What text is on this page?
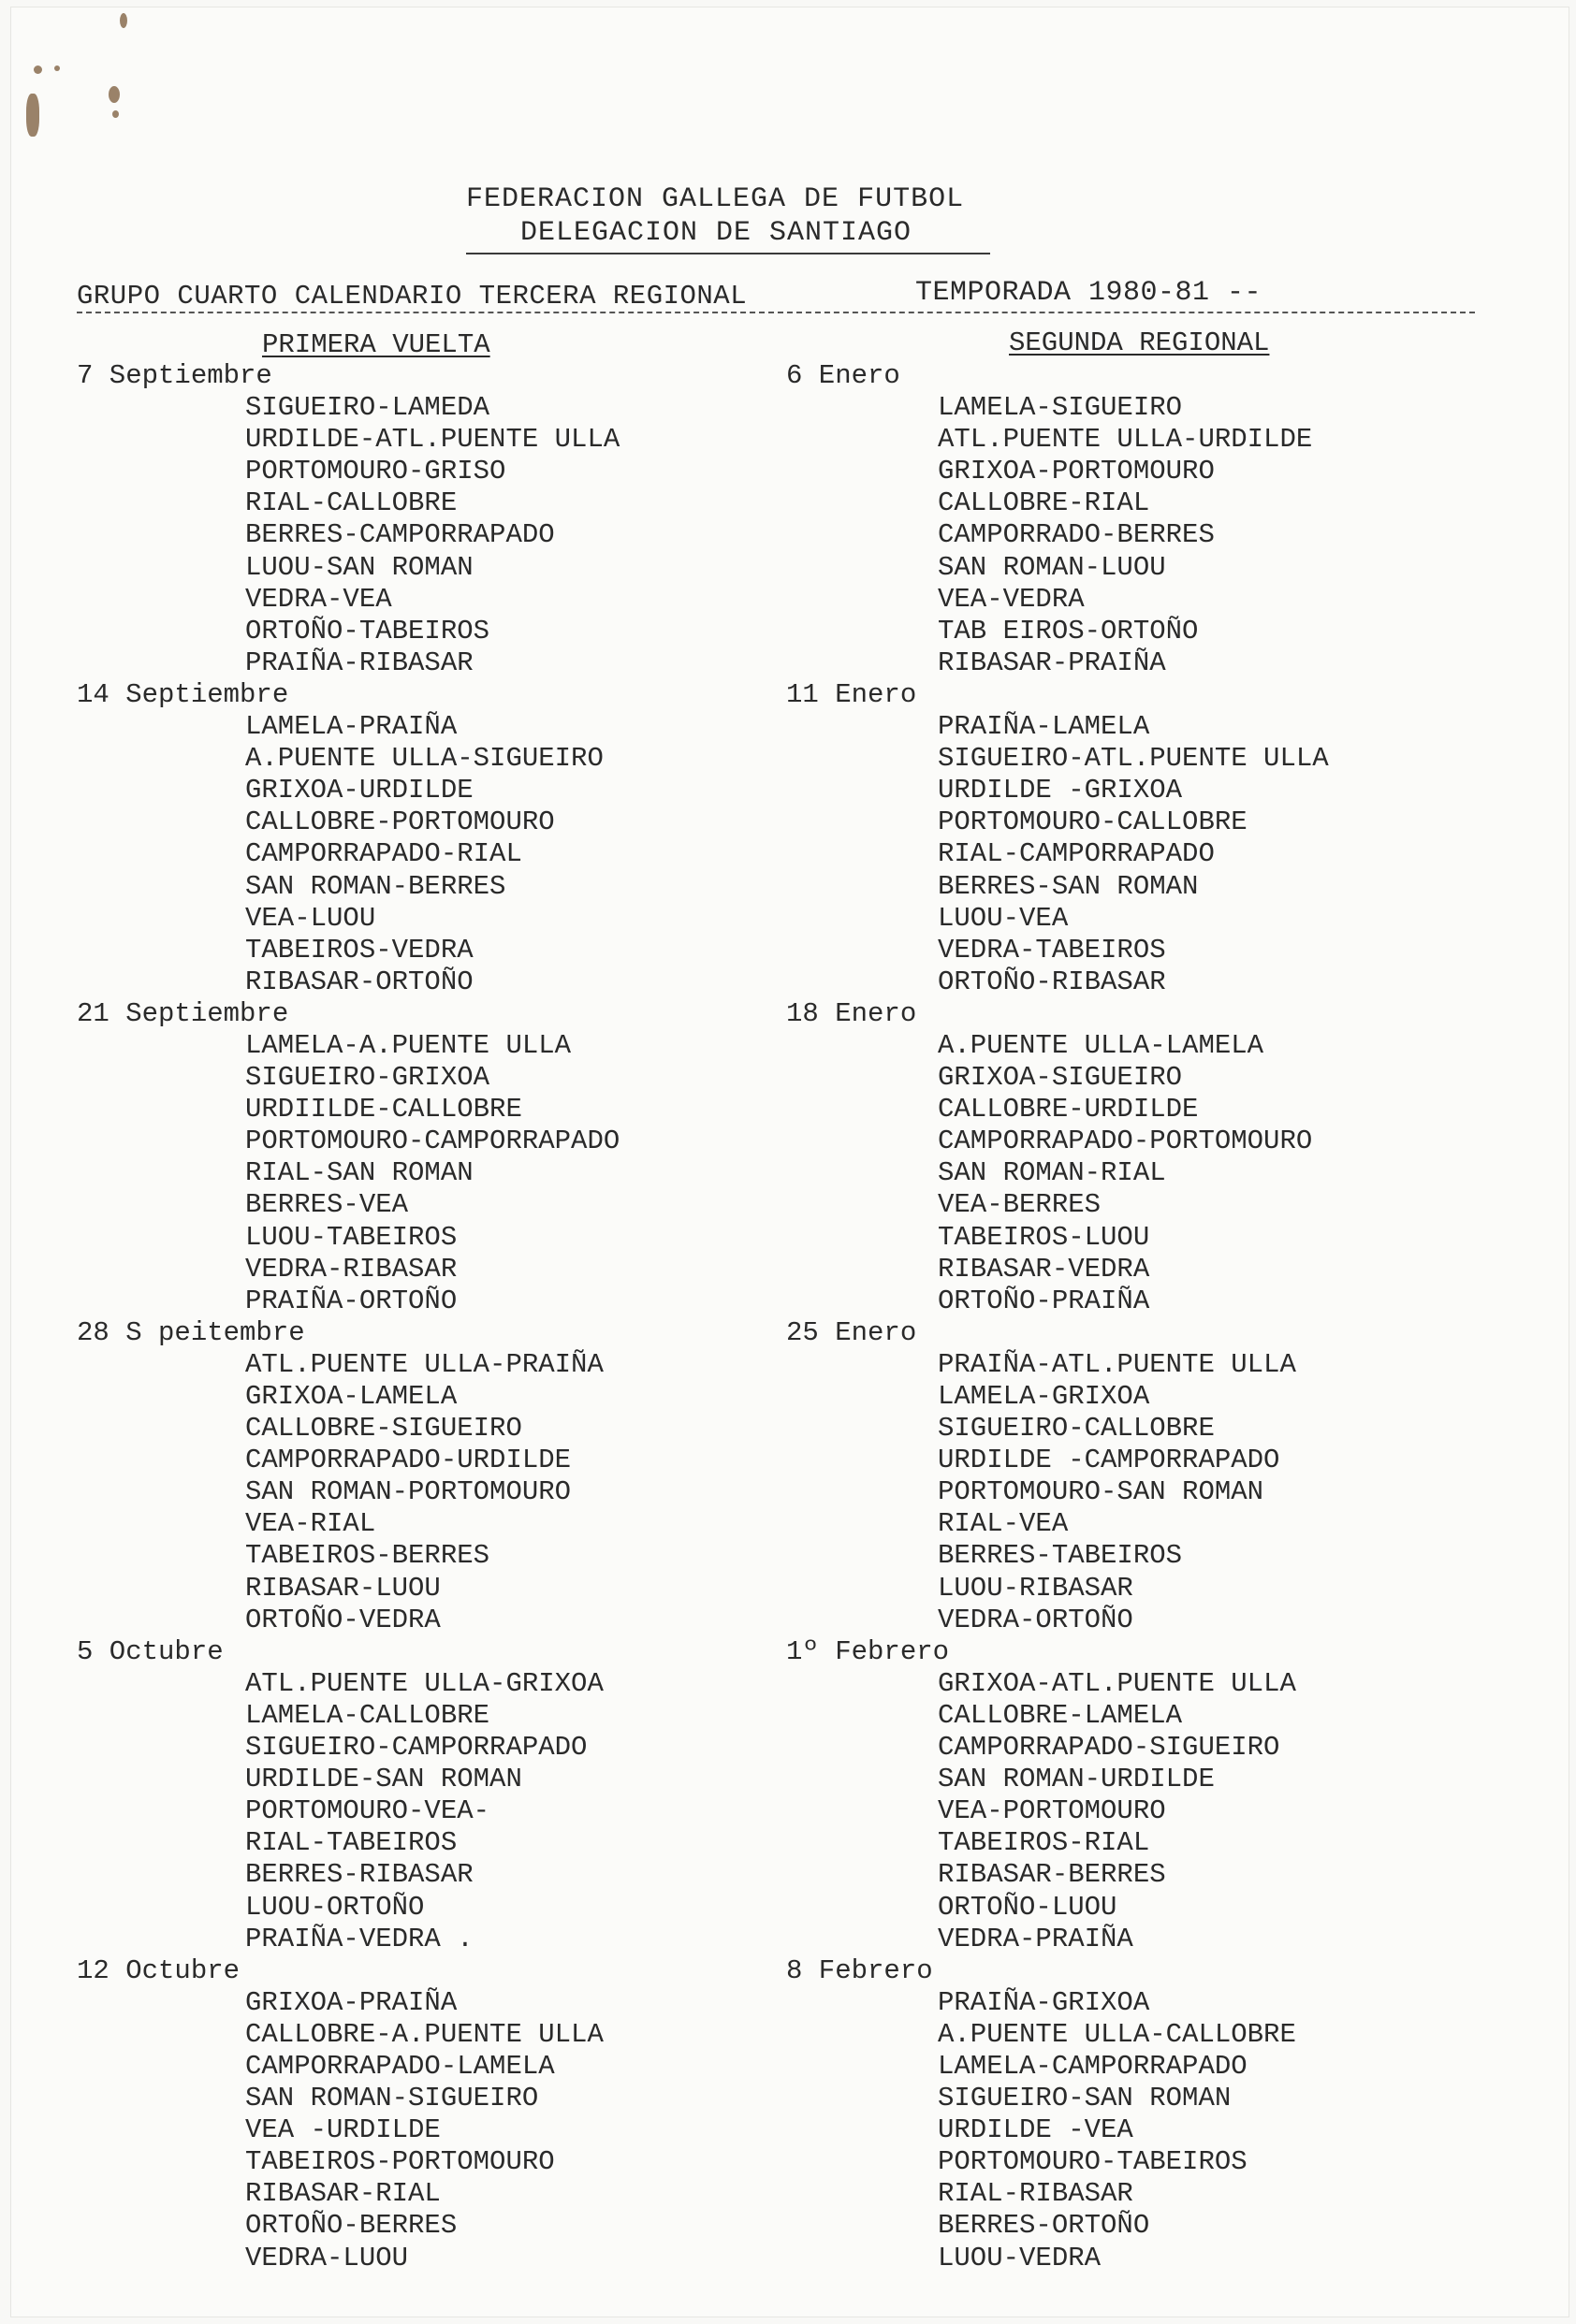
FEDERACION GALLEGA DE FUTBOL
DELEGACION DE SANTIAGO
GRUPO CUARTO CALENDARIO TERCERA REGIONAL	TEMPORADA 1980-81 --
PRIMERA VUELTA	SEGUNDA REGIONAL
7 Septiembre
SIGUEIRO-LAMEDA
URDILDE-ATL.PUENTE ULLA
PORTOMOURO-GRISO
RIAL-CALLOBRE
BERRES-CAMPORRAPADO
LUOU-SAN ROMAN
VEDRA-VEA
ORTOÑO-TABEIROS
PRAIÑA-RIBASAR
14 Septiembre
LAMELA-PRAIÑA
A.PUENTE ULLA-SIGUEIRO
GRIXOA-URDILDE
CALLOBRE-PORTOMOURO
CAMPORRAPADO-RIAL
SAN ROMAN-BERRES
VEA-LUOU
TABEIROS-VEDRA
RIBASAR-ORTOÑO
21 Septiembre
LAMELA-A.PUENTE ULLA
SIGUEIRO-GRIXOA
URDIILDE-CALLOBRE
PORTOMOURO-CAMPORRAPADO
RIAL-SAN ROMAN
BERRES-VEA
LUOU-TABEIROS
VEDRA-RIBASAR
PRAIÑA-ORTOÑO
28 S peitembre
ATL.PUENTE ULLA-PRAIÑA
GRIXOA-LAMELA
CALLOBRE-SIGUEIRO
CAMPORRAPADO-URDILDE
SAN ROMAN-PORTOMOURO
VEA-RIAL
TABEIROS-BERRES
RIBASAR-LUOU
ORTOÑO-VEDRA
5 Octubre
ATL.PUENTE ULLA-GRIXOA
LAMELA-CALLOBRE
SIGUEIRO-CAMPORRAPADO
URDILDE-SAN ROMAN
PORTOMOURO-VEA-
RIAL-TABEIROS
BERRES-RIBASAR
LUOU-ORTOÑO
PRAIÑA-VEDRA .
12 Octubre
GRIXOA-PRAIÑA
CALLOBRE-A.PUENTE ULLA
CAMPORRAPADO-LAMELA
SAN ROMAN-SIGUEIRO
VEA -URDILDE
TABEIROS-PORTOMOURO
RIBASAR-RIAL
ORTOÑO-BERRES
VEDRA-LUOU
6 Enero
LAMELA-SIGUEIRO
ATL.PUENTE ULLA-URDILDE
GRIXOA-PORTOMOURO
CALLOBRE-RIAL
CAMPORRADO-BERRES
SAN ROMAN-LUOU
VEA-VEDRA
TAB EIROS-ORTOÑO
RIBASAR-PRAIÑA
11 Enero
PRAIÑA-LAMELA
SIGUEIRO-ATL.PUENTE ULLA
URDILDE -GRIXOA
PORTOMOURO-CALLOBRE
RIAL-CAMPORRAPADO
BERRES-SAN ROMAN
LUOU-VEA
VEDRA-TABEIROS
ORTOÑO-RIBASAR
18 Enero
A.PUENTE ULLA-LAMELA
GRIXOA-SIGUEIRO
CALLOBRE-URDILDE
CAMPORRAPADO-PORTOMOURO
SAN ROMAN-RIAL
VEA-BERRES
TABEIROS-LUOU
RIBASAR-VEDRA
ORTOÑO-PRAIÑA
25 Enero
PRAIÑA-ATL.PUENTE ULLA
LAMELA-GRIXOA
SIGUEIRO-CALLOBRE
URDILDE -CAMPORRAPADO
PORTOMOURO-SAN ROMAN
RIAL-VEA
BERRES-TABEIROS
LUOU-RIBASAR
VEDRA-ORTOÑO
1º Febrero
GRIXOA-ATL.PUENTE ULLA
CALLOBRE-LAMELA
CAMPORRAPADO-SIGUEIRO
SAN ROMAN-URDILDE
VEA-PORTOMOURO
TABEIROS-RIAL
RIBASAR-BERRES
ORTOÑO-LUOU
VEDRA-PRAIÑA
8 Febrero
PRAIÑA-GRIXOA
A.PUENTE ULLA-CALLOBRE
LAMELA-CAMPORRAPADO
SIGUEIRO-SAN ROMAN
URDILDE -VEA
PORTOMOURO-TABEIROS
RIAL-RIBASAR
BERRES-ORTOÑO
LUOU-VEDRA
